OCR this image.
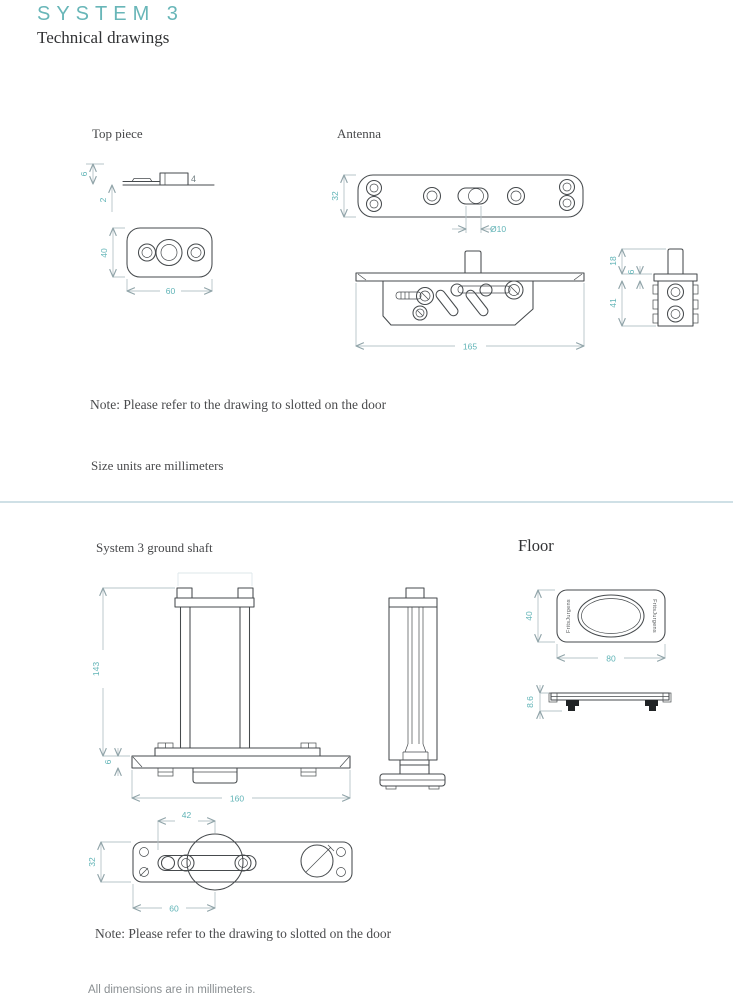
SYSTEM 3
Technical drawings
Top piece	Antenna
Note: Please refer to the drawing to slotted on the door
Size units are millimeters
System 3 ground shaft	Floor
Note: Please refer to the drawing to slotted on the door
All dimensions are in millimeters.
6
2
4
40
60
32
Ø10
165
18
6
41
143
6
160
FritsJurgens	FritsJurgens
40
80
8.6
42
32
60
